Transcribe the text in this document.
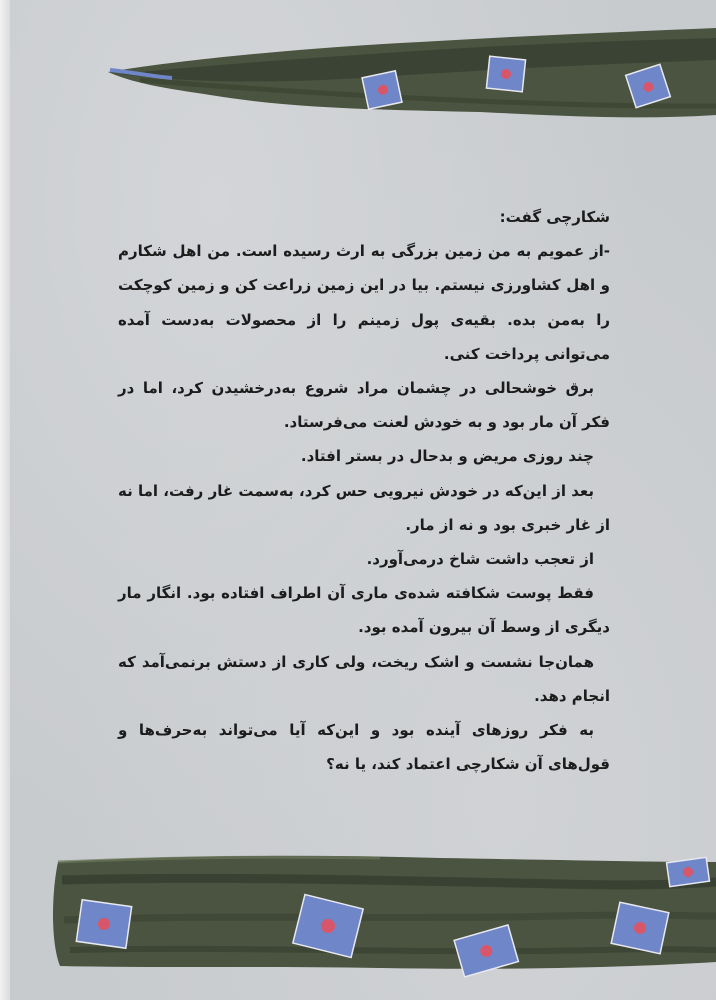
شکارچی گفت:

-از عمویم به من زمین بزرگی به ارث رسیده است. من اهل شکارم و اهل کشاورزی نیستم. بیا در این زمین زراعت کن و زمین کوچکت را به‌من بده. بقیه‌ی پول زمینم را از محصولات به‌دست آمده می‌توانی پرداخت کنی.

برق خوشحالی در چشمان مراد شروع به‌درخشیدن کرد، اما در فکر آن مار بود و به خودش لعنت می‌فرستاد.

چند روزی مریض و بدحال در بستر افتاد.

بعد از این‌که در خودش نیرویی حس کرد، به‌سمت غار رفت، اما نه از غار خبری بود و نه از مار.

از تعجب داشت شاخ درمی‌آورد.

فقط پوست شکافته شده‌ی ماری آن اطراف افتاده بود. انگار مار دیگری از وسط آن بیرون آمده بود.

همان‌جا نشست و اشک ریخت، ولی کاری از دستش برنمی‌آمد که انجام دهد.

به فکر روزهای آینده بود و این‌که آیا می‌تواند به‌حرف‌ها و قول‌های آن شکارچی اعتماد کند، یا نه؟
